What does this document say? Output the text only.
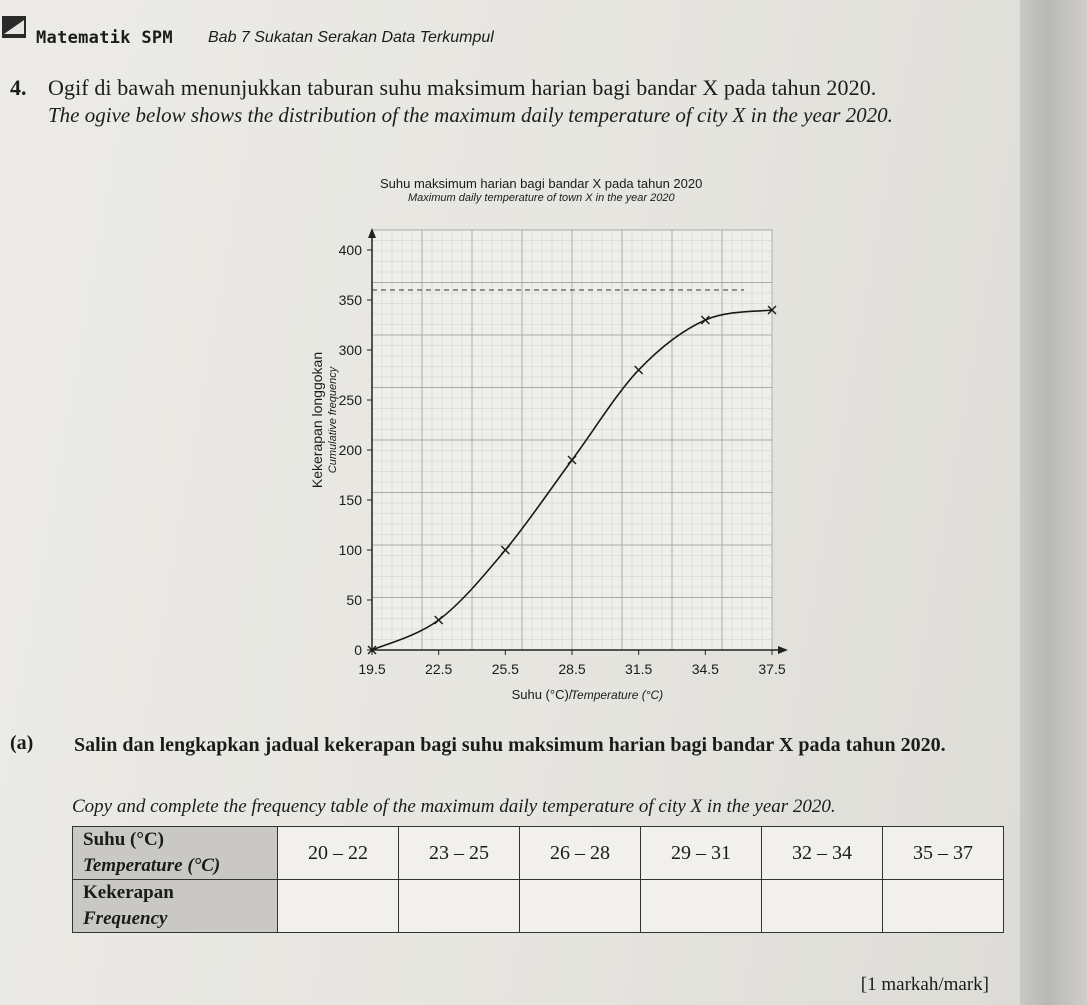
Matematik SPM Bab 7 Sukatan Serakan Data Terkumpul
4. Ogif di bawah menunjukkan taburan suhu maksimum harian bagi bandar X pada tahun 2020.
The ogive below shows the distribution of the maximum daily temperature of city X in the year 2020.
Suhu maksimum harian bagi bandar X pada tahun 2020
Maximum daily temperature of town X in the year 2020
0
50
100
150
200
250
300
350
400
19.5	22.5	25.5	28.5	31.5	34.5	37.5
Suhu (°C)/
Temperature (°C)
Kekerapan longgokan Cumulative frequency
(a)	Salin dan lengkapkan jadual kekerapan bagi suhu maksimum harian bagi bandar X pada tahun 2020.
Copy and complete the frequency table of the maximum daily temperature of city X in the year 2020.
Suhu (°C)
Temperature (°C)	20 – 22	23 – 25	26 – 28	29 – 31	32 – 34	35 – 37

Kekerapan
Frequency						

[1 markah/mark]
